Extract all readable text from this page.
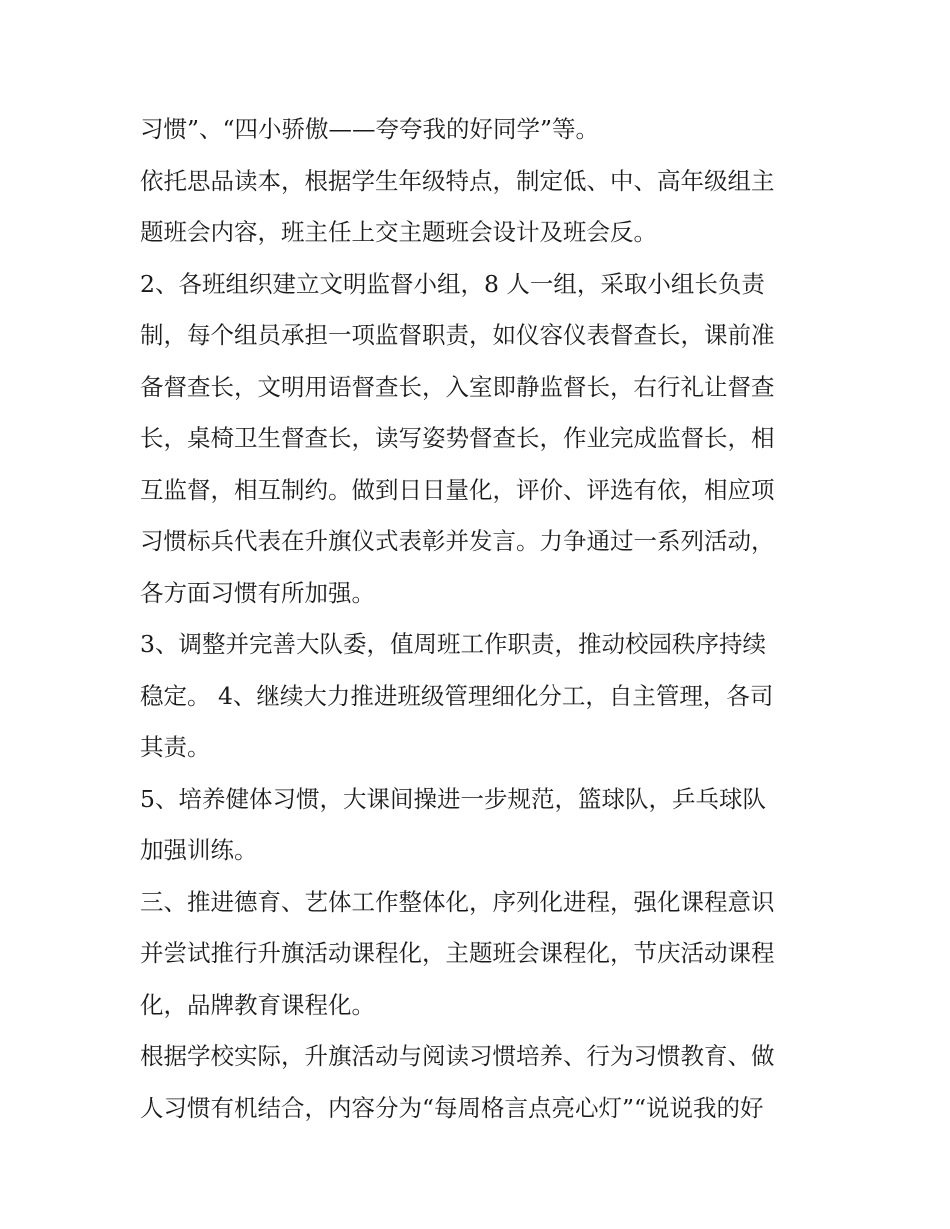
习惯”、“四小骄傲——夸夸我的好同学”等。

依托思品读本，根据学生年级特点，制定低、中、高年级组主

题班会内容，班主任上交主题班会设计及班会反。

2、各班组织建立文明监督小组，8 人一组，采取小组长负责

制，每个组员承担一项监督职责，如仪容仪表督查长，课前准

备督查长，文明用语督查长，入室即静监督长，右行礼让督查

长，桌椅卫生督查长，读写姿势督查长，作业完成监督长，相

互监督，相互制约。做到日日量化，评价、评选有依，相应项

习惯标兵代表在升旗仪式表彰并发言。力争通过一系列活动，

各方面习惯有所加强。

3、调整并完善大队委，值周班工作职责，推动校园秩序持续

稳定。 4、继续大力推进班级管理细化分工，自主管理，各司

其责。

5、培养健体习惯，大课间操进一步规范，篮球队，乒乓球队

加强训练。

三、推进德育、艺体工作整体化，序列化进程，强化课程意识

并尝试推行升旗活动课程化，主题班会课程化，节庆活动课程

化，品牌教育课程化。

根据学校实际，升旗活动与阅读习惯培养、行为习惯教育、做

人习惯有机结合，内容分为“每周格言点亮心灯”“说说我的好
